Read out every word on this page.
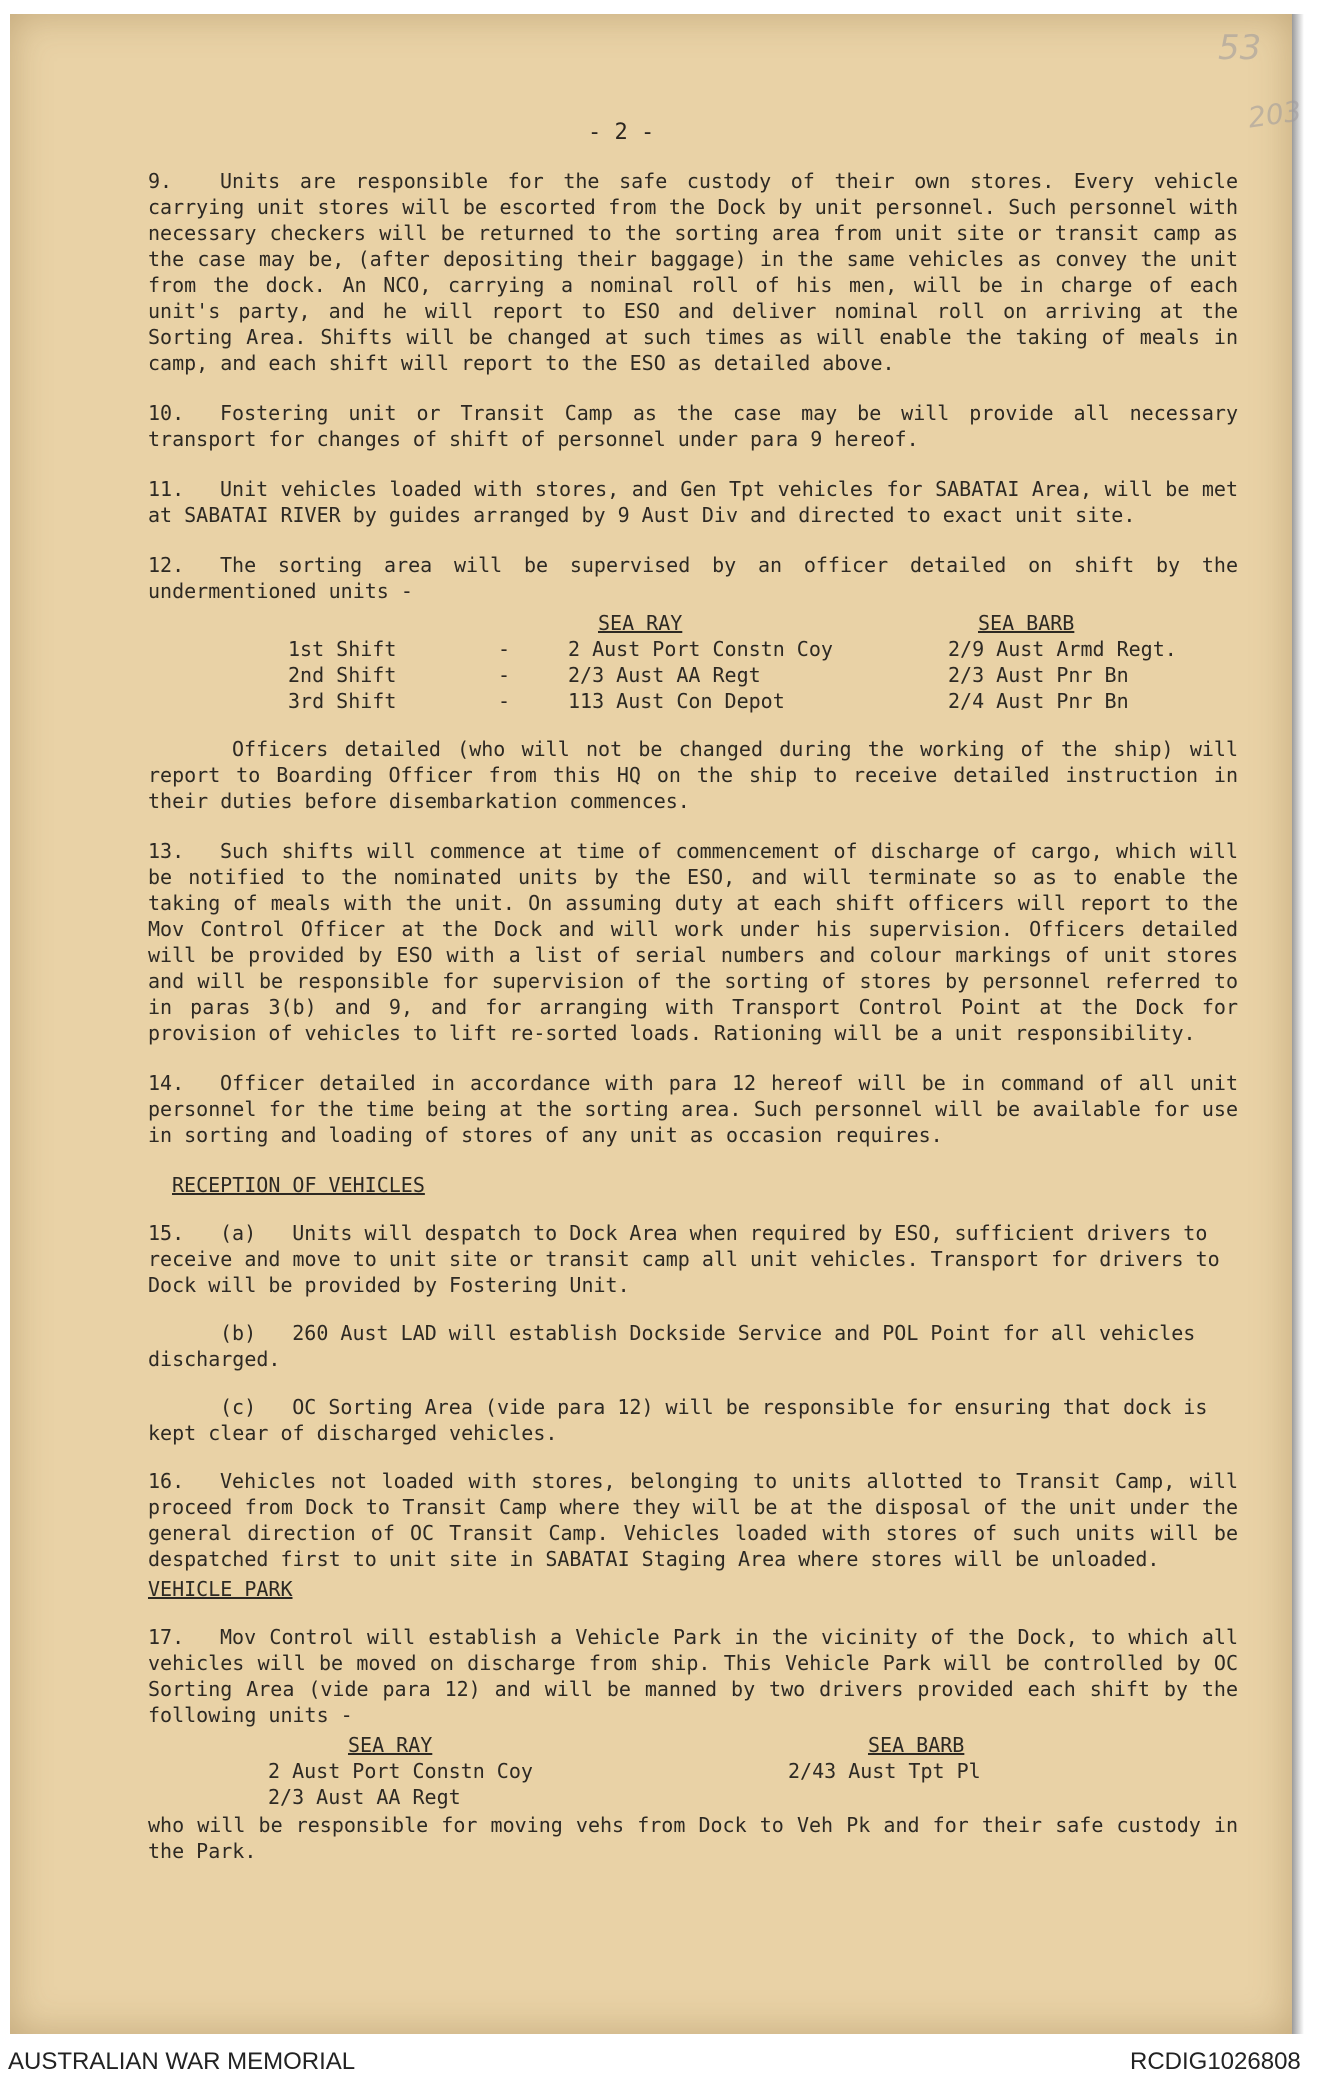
53
203
- 2 -

9. Units are responsible for the safe custody of their own stores. Every vehicle carrying unit stores will be escorted from the Dock by unit personnel. Such personnel with necessary checkers will be returned to the sorting area from unit site or transit camp as the case may be, (after depositing their baggage) in the same vehicles as convey the unit from the dock. An NCO, carrying a nominal roll of his men, will be in charge of each unit's party, and he will report to ESO and deliver nominal roll on arriving at the Sorting Area. Shifts will be changed at such times as will enable the taking of meals in camp, and each shift will report to the ESO as detailed above.

10. Fostering unit or Transit Camp as the case may be will provide all necessary transport for changes of shift of personnel under para 9 hereof.

11. Unit vehicles loaded with stores, and Gen Tpt vehicles for SABATAI Area, will be met at SABATAI RIVER by guides arranged by 9 Aust Div and directed to exact unit site.

12. The sorting area will be supervised by an officer detailed on shift by the undermentioned units -

		SEA RAY	SEA BARB
1st Shift	-	2 Aust Port Constn Coy	2/9 Aust Armd Regt.
2nd Shift	-	2/3 Aust AA Regt	2/3 Aust Pnr Bn
3rd Shift	-	113 Aust Con Depot	2/4 Aust Pnr Bn

Officers detailed (who will not be changed during the working of the ship) will report to Boarding Officer from this HQ on the ship to receive detailed instruction in their duties before disembarkation commences.

13. Such shifts will commence at time of commencement of discharge of cargo, which will be notified to the nominated units by the ESO, and will terminate so as to enable the taking of meals with the unit. On assuming duty at each shift officers will report to the Mov Control Officer at the Dock and will work under his supervision. Officers detailed will be provided by ESO with a list of serial numbers and colour markings of unit stores and will be responsible for supervision of the sorting of stores by personnel referred to in paras 3(b) and 9, and for arranging with Transport Control Point at the Dock for provision of vehicles to lift re-sorted loads. Rationing will be a unit responsibility.

14. Officer detailed in accordance with para 12 hereof will be in command of all unit personnel for the time being at the sorting area. Such personnel will be available for use in sorting and loading of stores of any unit as occasion requires.

RECEPTION OF VEHICLES

15. (a) Units will despatch to Dock Area when required by ESO, sufficient drivers to receive and move to unit site or transit camp all unit vehicles. Transport for drivers to Dock will be provided by Fostering Unit.

(b) 260 Aust LAD will establish Dockside Service and POL Point for all vehicles discharged.

(c) OC Sorting Area (vide para 12) will be responsible for ensuring that dock is kept clear of discharged vehicles.

16. Vehicles not loaded with stores, belonging to units allotted to Transit Camp, will proceed from Dock to Transit Camp where they will be at the disposal of the unit under the general direction of OC Transit Camp. Vehicles loaded with stores of such units will be despatched first to unit site in SABATAI Staging Area where stores will be unloaded.

VEHICLE PARK

17. Mov Control will establish a Vehicle Park in the vicinity of the Dock, to which all vehicles will be moved on discharge from ship. This Vehicle Park will be controlled by OC Sorting Area (vide para 12) and will be manned by two drivers provided each shift by the following units -

SEA RAY	SEA BARB
2 Aust Port Constn Coy	2/43 Aust Tpt Pl
2/3 Aust AA Regt

who will be responsible for moving vehs from Dock to Veh Pk and for their safe custody in the Park.

AUSTRALIAN WAR MEMORIAL	RCDIG1026808
